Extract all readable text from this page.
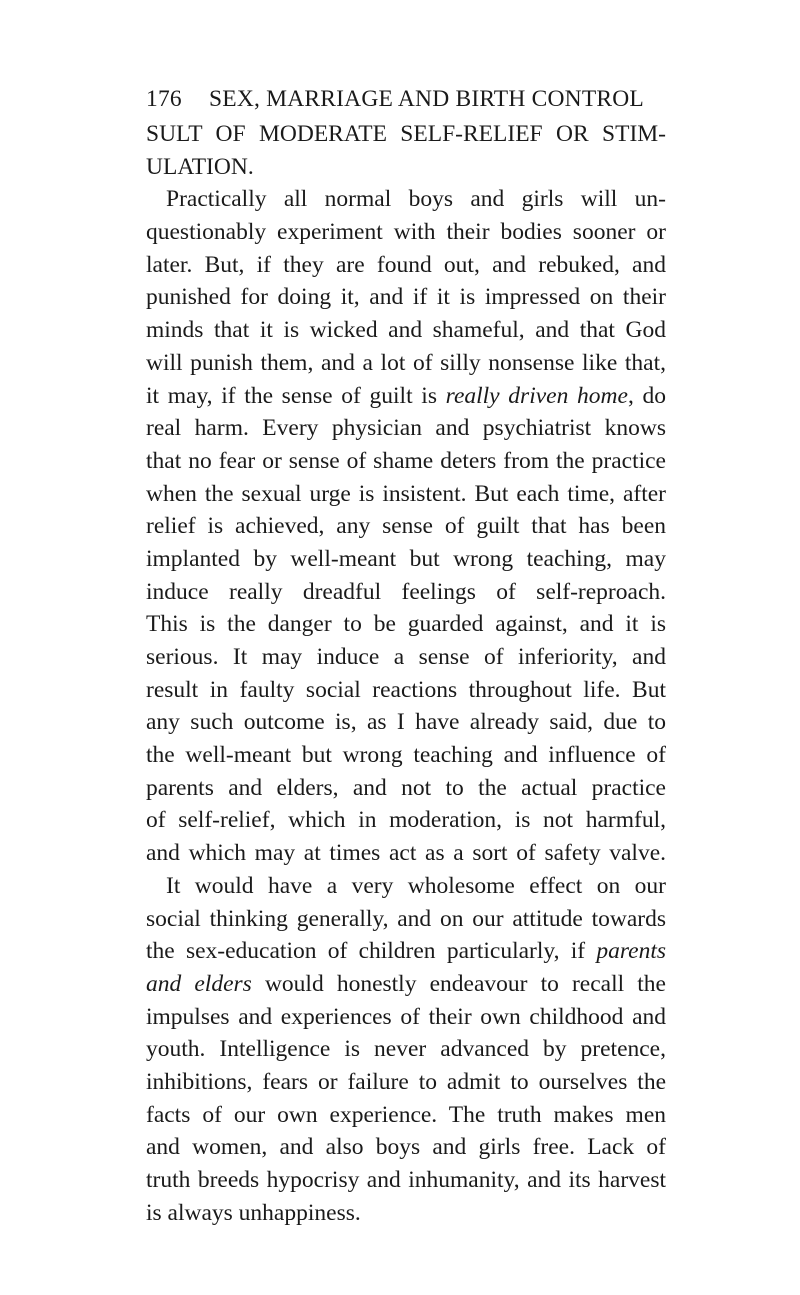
176 SEX, MARRIAGE AND BIRTH CONTROL
SULT OF MODERATE SELF-RELIEF OR STIM-
ULATION.
Practically all normal boys and girls will un-
questionably experiment with their bodies sooner or
later. But, if they are found out, and rebuked, and
punished for doing it, and if it is impressed on their
minds that it is wicked and shameful, and that God
will punish them, and a lot of silly nonsense like that,
it may, if the sense of guilt is really driven home, do
real harm. Every physician and psychiatrist knows
that no fear or sense of shame deters from the practice
when the sexual urge is insistent. But each time, after
relief is achieved, any sense of guilt that has been
implanted by well-meant but wrong teaching, may
induce really dreadful feelings of self-reproach.
This is the danger to be guarded against, and it is
serious. It may induce a sense of inferiority, and
result in faulty social reactions throughout life. But
any such outcome is, as I have already said, due to
the well-meant but wrong teaching and influence of
parents and elders, and not to the actual practice
of self-relief, which in moderation, is not harmful,
and which may at times act as a sort of safety valve.
It would have a very wholesome effect on our
social thinking generally, and on our attitude towards
the sex-education of children particularly, if parents
and elders would honestly endeavour to recall the
impulses and experiences of their own childhood and
youth. Intelligence is never advanced by pretence,
inhibitions, fears or failure to admit to ourselves the
facts of our own experience. The truth makes men
and women, and also boys and girls free. Lack of
truth breeds hypocrisy and inhumanity, and its harvest
is always unhappiness.
